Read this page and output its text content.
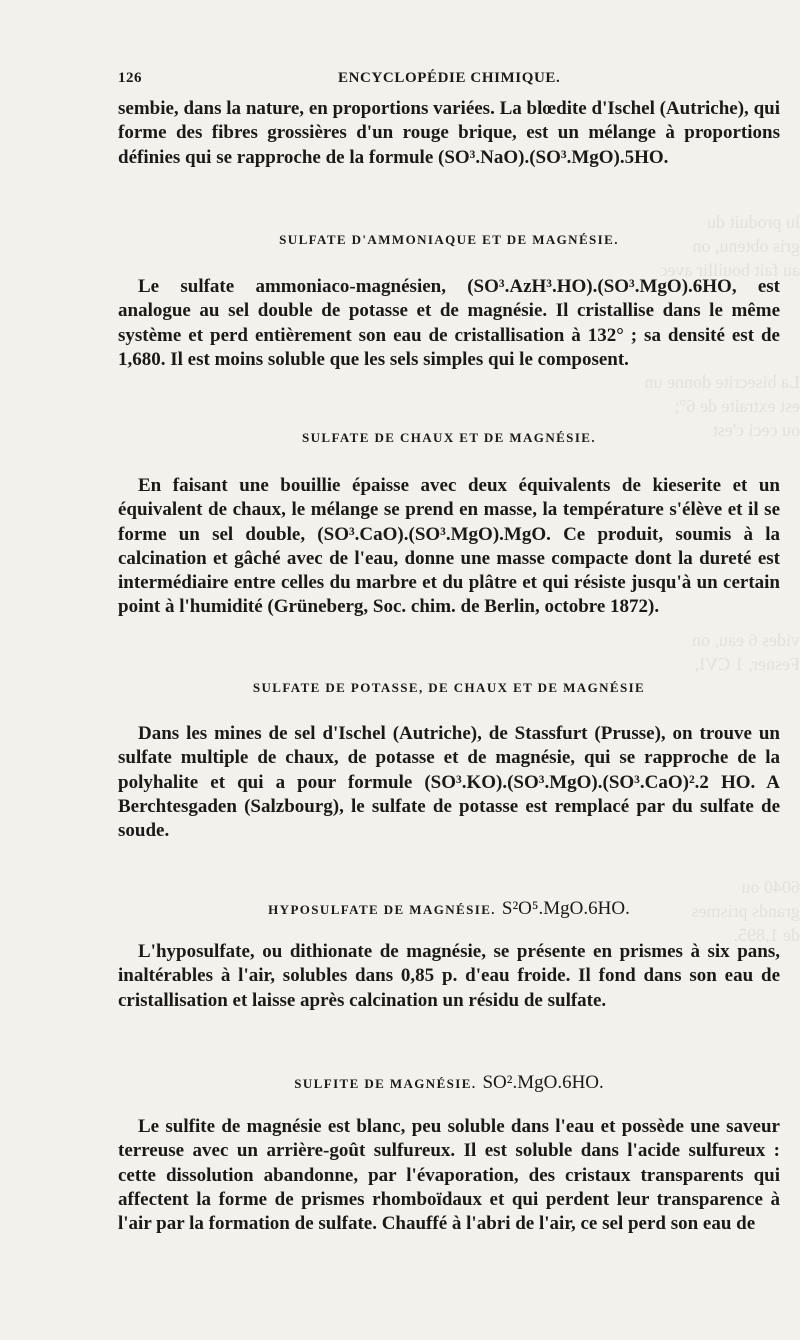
lu produit du
gris obtenu, on
au fait bouillir avec
La bisecrite donne un
est extraite de 6°;
ou ceci c'est
vides 6 eau, on
Fesner, 1 CVI,
6040 ou
grands prismes
de 1,895.
126	ENCYCLOPÉDIE CHIMIQUE.

sembie, dans la nature, en proportions variées. La blœdite d'Ischel (Autriche), qui forme des fibres grossières d'un rouge brique, est un mélange à proportions définies qui se rapproche de la formule (SO³.NaO).(SO³.MgO).5HO.

SULFATE D'AMMONIAQUE ET DE MAGNÉSIE.

Le sulfate ammoniaco-magnésien, (SO³.AzH³.HO).(SO³.MgO).6HO, est analogue au sel double de potasse et de magnésie. Il cristallise dans le même système et perd entièrement son eau de cristallisation à 132° ; sa densité est de 1,680. Il est moins soluble que les sels simples qui le composent.

SULFATE DE CHAUX ET DE MAGNÉSIE.

En faisant une bouillie épaisse avec deux équivalents de kieserite et un équivalent de chaux, le mélange se prend en masse, la température s'élève et il se forme un sel double, (SO³.CaO).(SO³.MgO).MgO. Ce produit, soumis à la calcination et gâché avec de l'eau, donne une masse compacte dont la dureté est intermédiaire entre celles du marbre et du plâtre et qui résiste jusqu'à un certain point à l'humidité (Grüneberg, Soc. chim. de Berlin, octobre 1872).

SULFATE DE POTASSE, DE CHAUX ET DE MAGNÉSIE

Dans les mines de sel d'Ischel (Autriche), de Stassfurt (Prusse), on trouve un sulfate multiple de chaux, de potasse et de magnésie, qui se rapproche de la polyhalite et qui a pour formule (SO³.KO).(SO³.MgO).(SO³.CaO)².2 HO. A Berchtesgaden (Salzbourg), le sulfate de potasse est remplacé par du sulfate de soude.

HYPOSULFATE DE MAGNÉSIE. S²O⁵.MgO.6HO.

L'hyposulfate, ou dithionate de magnésie, se présente en prismes à six pans, inaltérables à l'air, solubles dans 0,85 p. d'eau froide. Il fond dans son eau de cristallisation et laisse après calcination un résidu de sulfate.

SULFITE DE MAGNÉSIE. SO².MgO.6HO.

Le sulfite de magnésie est blanc, peu soluble dans l'eau et possède une saveur terreuse avec un arrière-goût sulfureux. Il est soluble dans l'acide sulfureux : cette dissolution abandonne, par l'évaporation, des cristaux transparents qui affectent la forme de prismes rhomboïdaux et qui perdent leur transparence à l'air par la formation de sulfate. Chauffé à l'abri de l'air, ce sel perd son eau de
